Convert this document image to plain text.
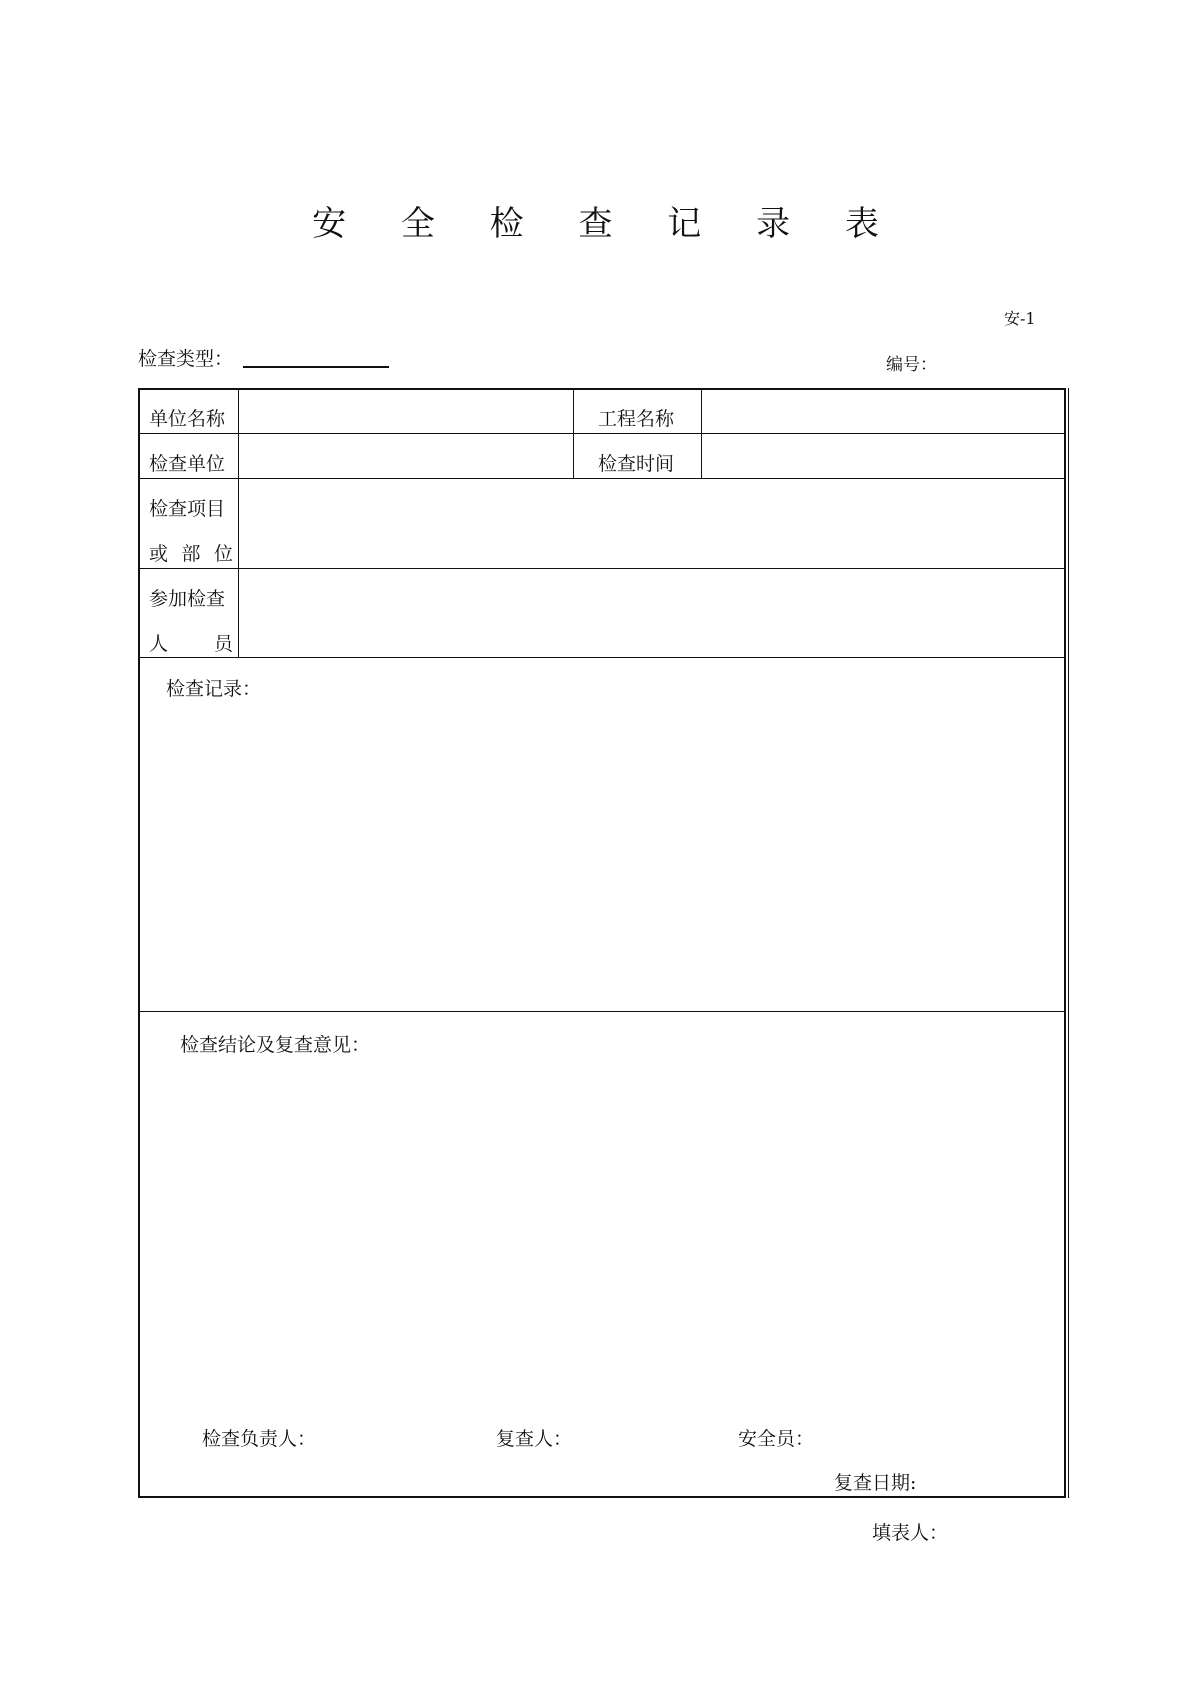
安 全 检 查 记 录 表
安-1
检查类型：	编号：
单位名称	工程名称
检查单位	检查时间
检查项目
或 部 位
参加检查
人 员
检查记录：
检查结论及复查意见：
检查负责人：	复查人：	安全员：
复查日期:
填表人：
